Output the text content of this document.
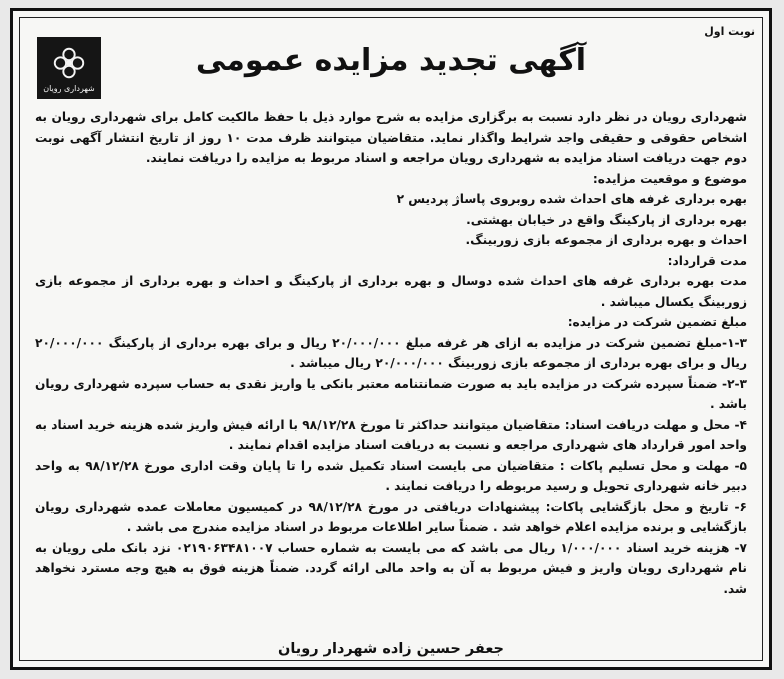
نوبت اول
شهرداری رویان
آگهی تجدید مزایده عمومی

شهرداری رویان در نظر دارد نسبت به برگزاری مزایده به شرح موارد ذیل با حفظ مالکیت کامل برای شهرداری رویان به اشخاص حقوقی و حقیقی واجد شرایط واگذار نماید. متقاضیان میتوانند ظرف مدت ۱۰ روز از تاریخ انتشار آگهی نوبت دوم جهت دریافت اسناد مزایده به شهرداری رویان مراجعه و اسناد مربوط به مزایده را دریافت نمایند.

موضوع و موقعیت مزایده:

بهره برداری غرفه های احداث شده روبروی پاساژ پردیس ۲

بهره برداری از پارکینگ واقع در خیابان بهشتی.

احداث و بهره برداری از مجموعه بازی زوربینگ.

مدت قرارداد:

مدت بهره برداری غرفه های احداث شده دوسال و بهره برداری از پارکینگ و احداث و بهره برداری از مجموعه بازی زوربینگ یکسال میباشد .

مبلغ تضمین شرکت در مزایده:

۱-۳-مبلغ تضمین شرکت در مزایده به ازای هر غرفه مبلغ ۲۰/۰۰۰/۰۰۰ ریال و برای بهره برداری از پارکینگ ۲۰/۰۰۰/۰۰۰ ریال و برای بهره برداری از مجموعه بازی زوربینگ ۲۰/۰۰۰/۰۰۰ ریال میباشد .

۲-۳- ضمناً سپرده شرکت در مزایده باید به صورت ضمانتنامه معتبر بانکی یا واریز نقدی به حساب سپرده شهرداری رویان باشد .

۴- محل و مهلت دریافت اسناد: متقاضیان میتوانند حداکثر تا مورخ ۹۸/۱۲/۲۸ با ارائه فیش واریز شده هزینه خرید اسناد به واحد امور قرارداد های شهرداری مراجعه و نسبت به دریافت اسناد مزایده اقدام نمایند .

۵- مهلت و محل تسلیم پاکات : متقاضیان می بایست اسناد تکمیل شده را تا پایان وقت اداری مورخ ۹۸/۱۲/۲۸ به واحد دبیر خانه شهرداری تحویل و رسید مربوطه را دریافت نمایند .

۶- تاریخ و محل بازگشایی پاکات: پیشنهادات دریافتی در مورخ ۹۸/۱۲/۲۸ در کمیسیون معاملات عمده شهرداری رویان بازگشایی و برنده مزایده اعلام خواهد شد . ضمناً سایر اطلاعات مربوط در اسناد مزایده مندرج می باشد .

۷- هزینه خرید اسناد ۱/۰۰۰/۰۰۰ ریال می باشد که می بایست به شماره حساب ۰۲۱۹۰۶۳۴۸۱۰۰۷ نزد بانک ملی رویان به نام شهرداری رویان واریز و فیش مربوط به آن به واحد مالی ارائه گردد. ضمناً هزینه فوق به هیچ وجه مسترد نخواهد شد.

جعفر حسین زاده شهردار رویان
